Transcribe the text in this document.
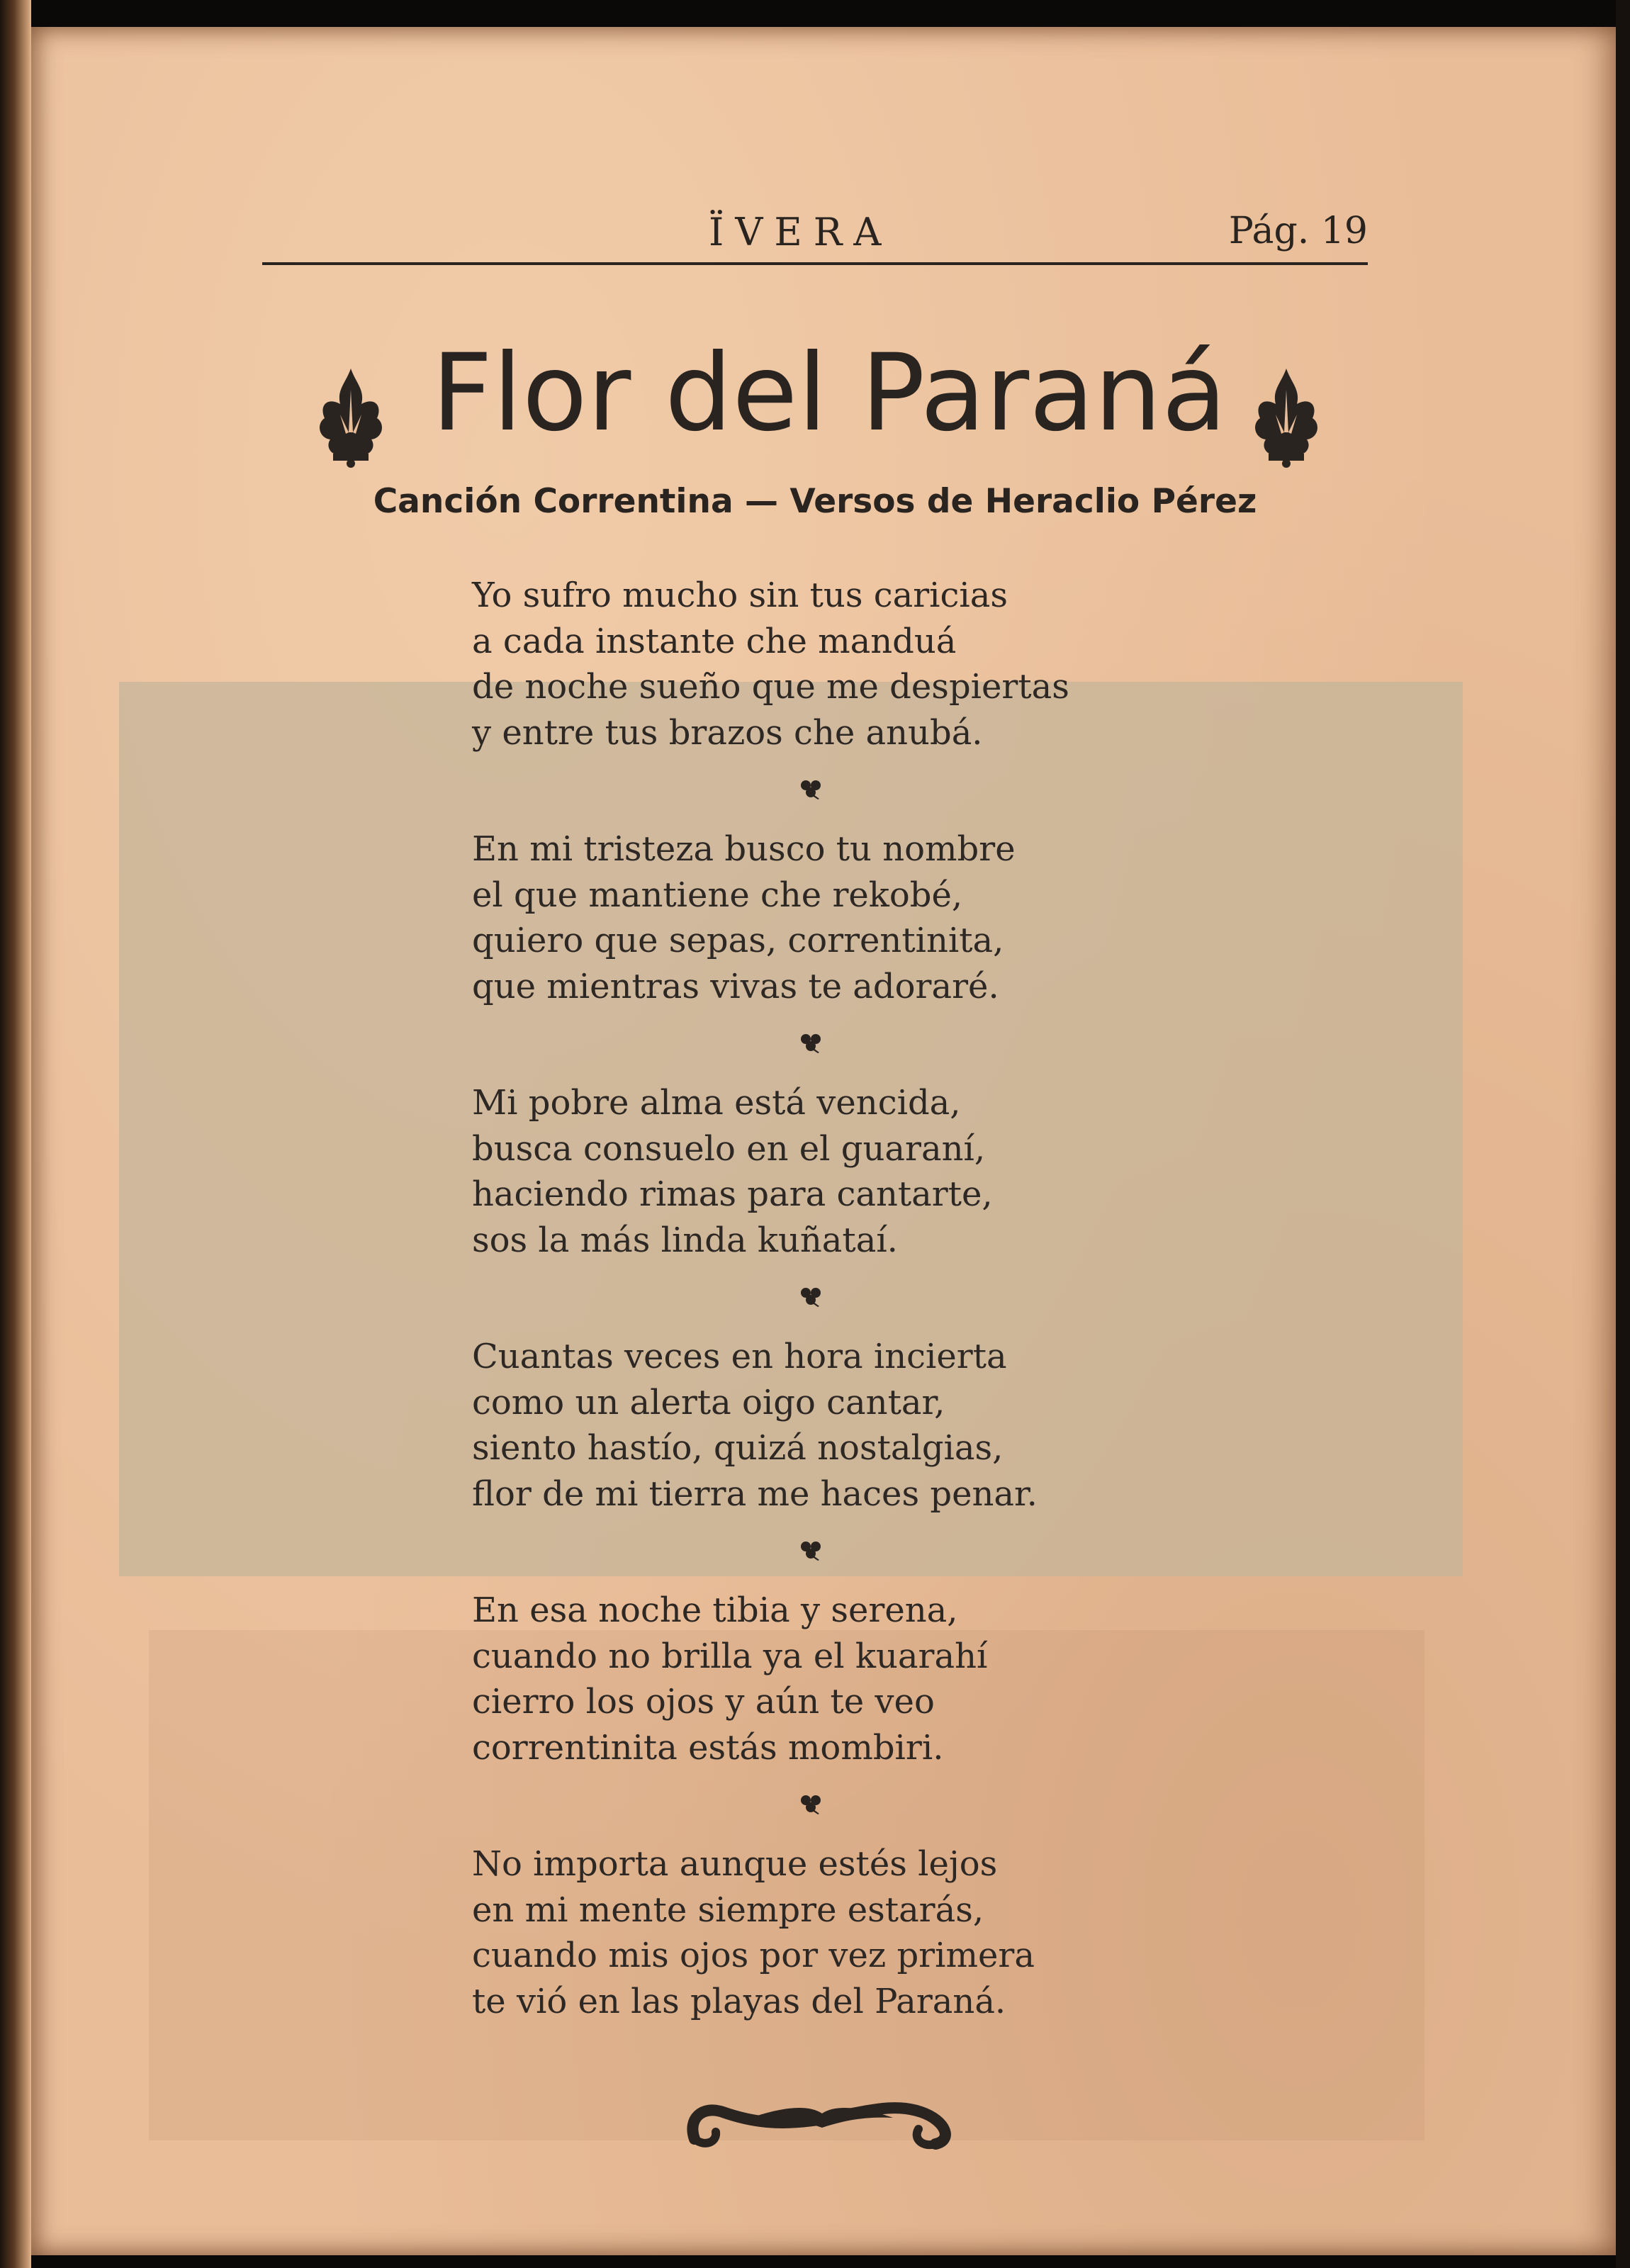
ÏVERA	Pág. 19
Flor del Paraná
Canción Correntina — Versos de Heraclio Pérez
Yo sufro mucho sin tus caricias
a cada instante che manduá
de noche sueño que me despiertas
y entre tus brazos che anubá.
En mi tristeza busco tu nombre
el que mantiene che rekobé,
quiero que sepas, correntinita,
que mientras vivas te adoraré.
Mi pobre alma está vencida,
busca consuelo en el guaraní,
haciendo rimas para cantarte,
sos la más linda kuñataí.
Cuantas veces en hora incierta
como un alerta oigo cantar,
siento hastío, quizá nostalgias,
flor de mi tierra me haces penar.
En esa noche tibia y serena,
cuando no brilla ya el kuarahí
cierro los ojos y aún te veo
correntinita estás mombiri.
No importa aunque estés lejos
en mi mente siempre estarás,
cuando mis ojos por vez primera
te vió en las playas del Paraná.
